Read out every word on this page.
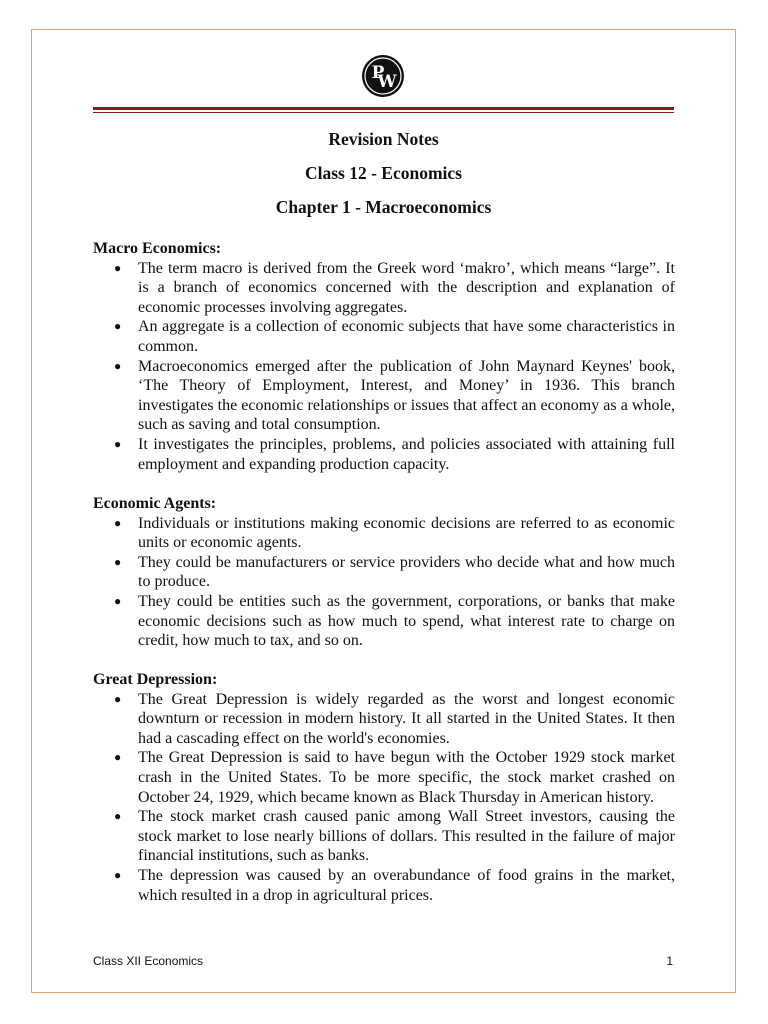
P
W
Revision Notes
Class 12 - Economics
Chapter 1 - Macroeconomics
Macro Economics:
● The term macro is derived from the Greek word ‘makro’, which means “large”. It is a branch of economics concerned with the description and explanation of economic processes involving aggregates.
● An aggregate is a collection of economic subjects that have some characteristics in common.
● Macroeconomics emerged after the publication of John Maynard Keynes' book, ‘The Theory of Employment, Interest, and Money’ in 1936. This branch investigates the economic relationships or issues that affect an economy as a whole, such as saving and total consumption.
● It investigates the principles, problems, and policies associated with attaining full employment and expanding production capacity.
Economic Agents:
● Individuals or institutions making economic decisions are referred to as economic units or economic agents.
● They could be manufacturers or service providers who decide what and how much to produce.
● They could be entities such as the government, corporations, or banks that make economic decisions such as how much to spend, what interest rate to charge on credit, how much to tax, and so on.
Great Depression:
● The Great Depression is widely regarded as the worst and longest economic downturn or recession in modern history. It all started in the United States. It then had a cascading effect on the world's economies.
● The Great Depression is said to have begun with the October 1929 stock market crash in the United States. To be more specific, the stock market crashed on October 24, 1929, which became known as Black Thursday in American history.
● The stock market crash caused panic among Wall Street investors, causing the stock market to lose nearly billions of dollars. This resulted in the failure of major financial institutions, such as banks.
● The depression was caused by an overabundance of food grains in the market, which resulted in a drop in agricultural prices.
Class XII Economics	1
